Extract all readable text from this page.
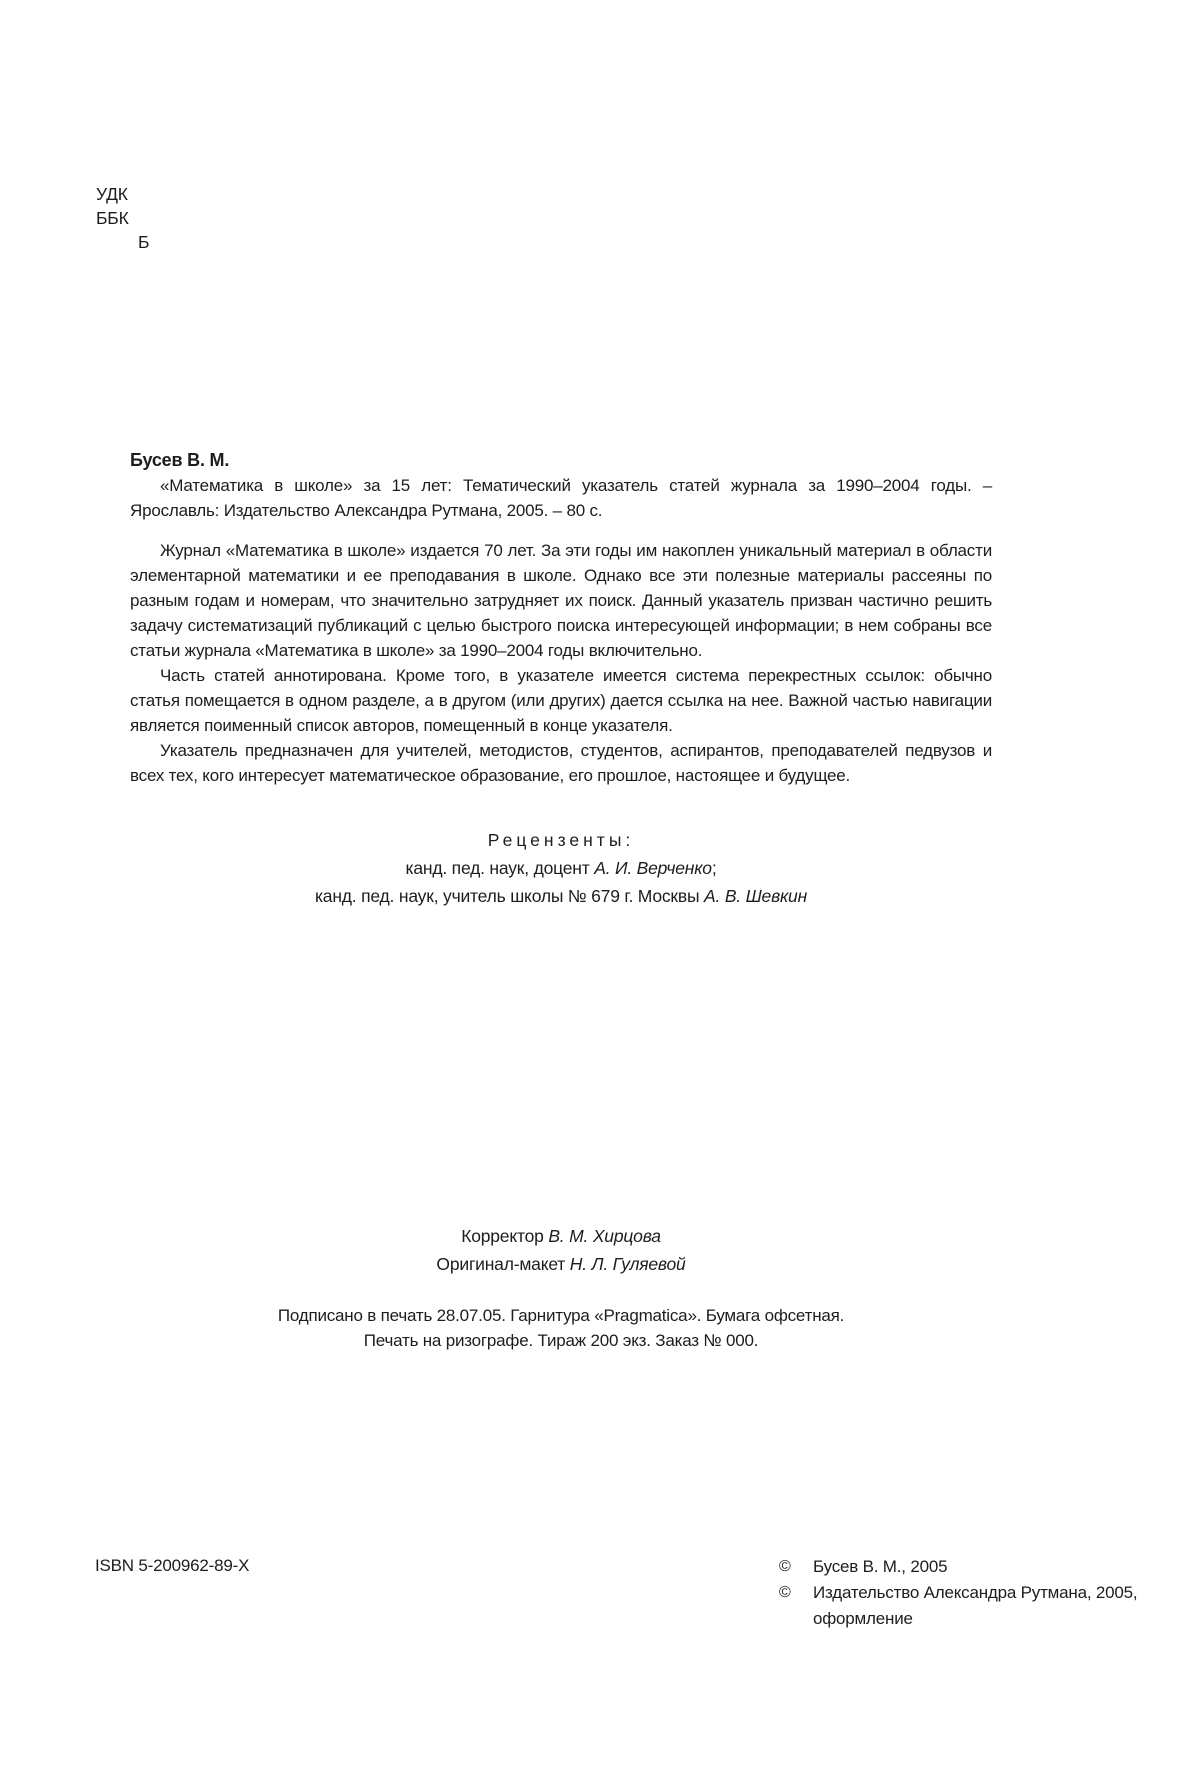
УДК
ББК
Б

Бусев В. М.

«Математика в школе» за 15 лет: Тематический указатель статей журнала за 1990–2004 годы. – Ярославль: Издательство Александра Рутмана, 2005. – 80 с.

Журнал «Математика в школе» издается 70 лет. За эти годы им накоплен уникальный материал в области элементарной математики и ее преподавания в школе. Однако все эти полезные материалы рассеяны по разным годам и номерам, что значительно затрудняет их поиск. Данный указатель призван частично решить задачу систематизаций публикаций с целью быстрого поиска интересующей информации; в нем собраны все статьи журнала «Математика в школе» за 1990–2004 годы включительно.

Часть статей аннотирована. Кроме того, в указателе имеется система перекрестных ссылок: обычно статья помещается в одном разделе, а в другом (или других) дается ссылка на нее. Важной частью навигации является поименный список авторов, помещенный в конце указателя.

Указатель предназначен для учителей, методистов, студентов, аспирантов, преподавателей педвузов и всех тех, кого интересует математическое образование, его прошлое, настоящее и будущее.

Рецензенты:
канд. пед. наук, доцент А. И. Верченко;
канд. пед. наук, учитель школы № 679 г. Москвы А. В. Шевкин
Корректор В. М. Хирцова
Оригинал-макет Н. Л. Гуляевой
Подписано в печать 28.07.05. Гарнитура «Pragmatica». Бумага офсетная.
Печать на ризографе. Тираж 200 экз. Заказ № 000.
ISBN 5-200962-89-X	©	Бусев В. М., 2005
©	Издательство Александра Рутмана, 2005,
оформление
